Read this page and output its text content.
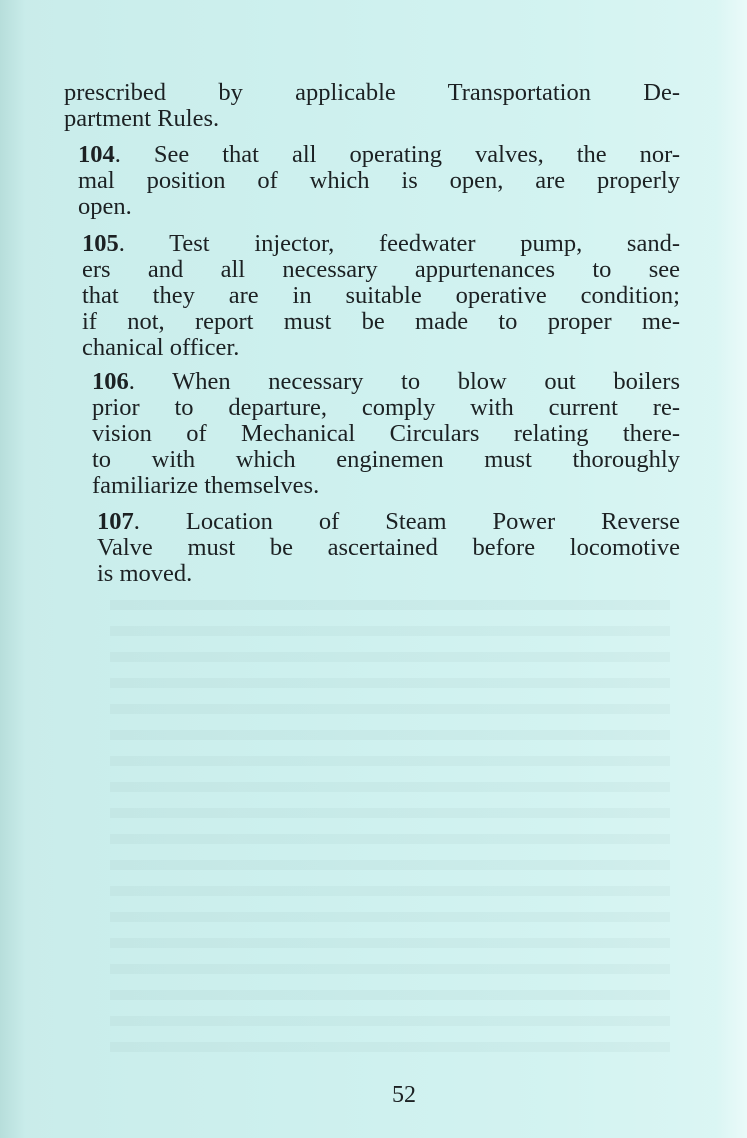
prescribed by applicable Transportation De-
partment Rules.

104. See that all operating valves, the nor-
mal position of which is open, are properly
open.

105. Test injector, feedwater pump, sand-
ers and all necessary appurtenances to see
that they are in suitable operative condition;
if not, report must be made to proper me-
chanical officer.

106. When necessary to blow out boilers
prior to departure, comply with current re-
vision of Mechanical Circulars relating there-
to with which enginemen must thoroughly
familiarize themselves.

107. Location of Steam Power Reverse
Valve must be ascertained before locomotive
is moved.

52
